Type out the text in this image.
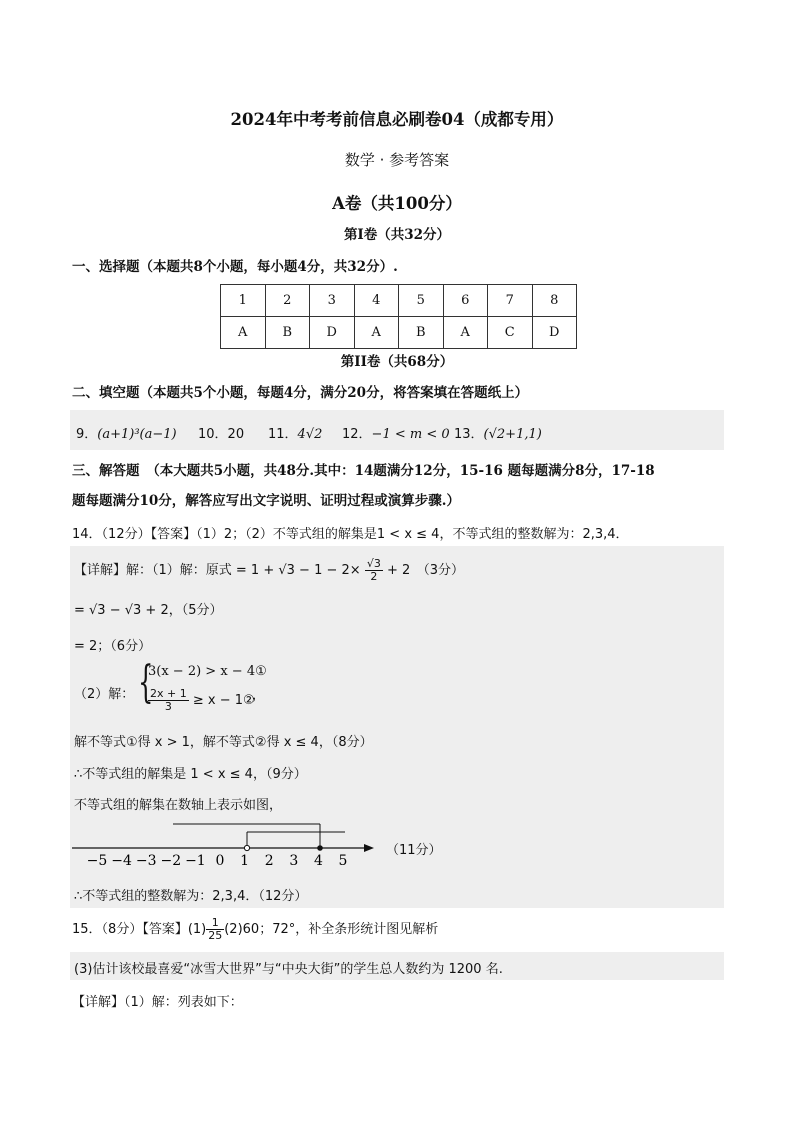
2024年中考考前信息必刷卷04（成都专用）
数学 · 参考答案
A卷（共100分）
第I卷（共32分）
一、选择题（本题共8个小题，每小题4分，共32分）.
1	2	3	4	5	6	7	8
A	B	D	A	B	A	C	D
第II卷（共68分）
二、填空题（本题共5个小题，每题4分，满分20分，将答案填在答题纸上）
9．(a+1)³(a−1) 10．20 11．4√2 12．−1 < m < 0 13．(√2+1,1)
三、解答题　（本大题共5小题，共48分.其中：14题满分12分，15-16 题每题满分8分，17-18
题每题满分10分，解答应写出文字说明、证明过程或演算步骤.）
14．（12分）【答案】（1）2；（2）不等式组的解集是1 < x ≤ 4，不等式组的整数解为：2,3,4．
【详解】解：（1）解：原式 = $1 + √3 - 1 - 2\times \frac{√3}{2} + 2$　（3分）
= √3 − √3 + 2，（5分）
= 2；（6分）
（2）解： {
3(x − 2) > x − 4①
$\frac{2x + 1}{3} \ge x$ − 1②
，
解不等式①得 x > 1，解不等式②得 x ≤ 4，（8分）
∴不等式组的解集是 1 < x ≤ 4，（9分）
不等式组的解集在数轴上表示如图，
−5 −4 −3 −2 −1 0 1 2 3 4 5
（11分）
∴不等式组的整数解为：2,3,4．（12分）
15．（8分）【答案】$(1) \frac{1}{25} (2)60$；72°，补全条形统计图见解析
(3)估计该校最喜爱“冰雪大世界”与“中央大街”的学生总人数约为 1200 名.
【详解】（1）解：列表如下：
